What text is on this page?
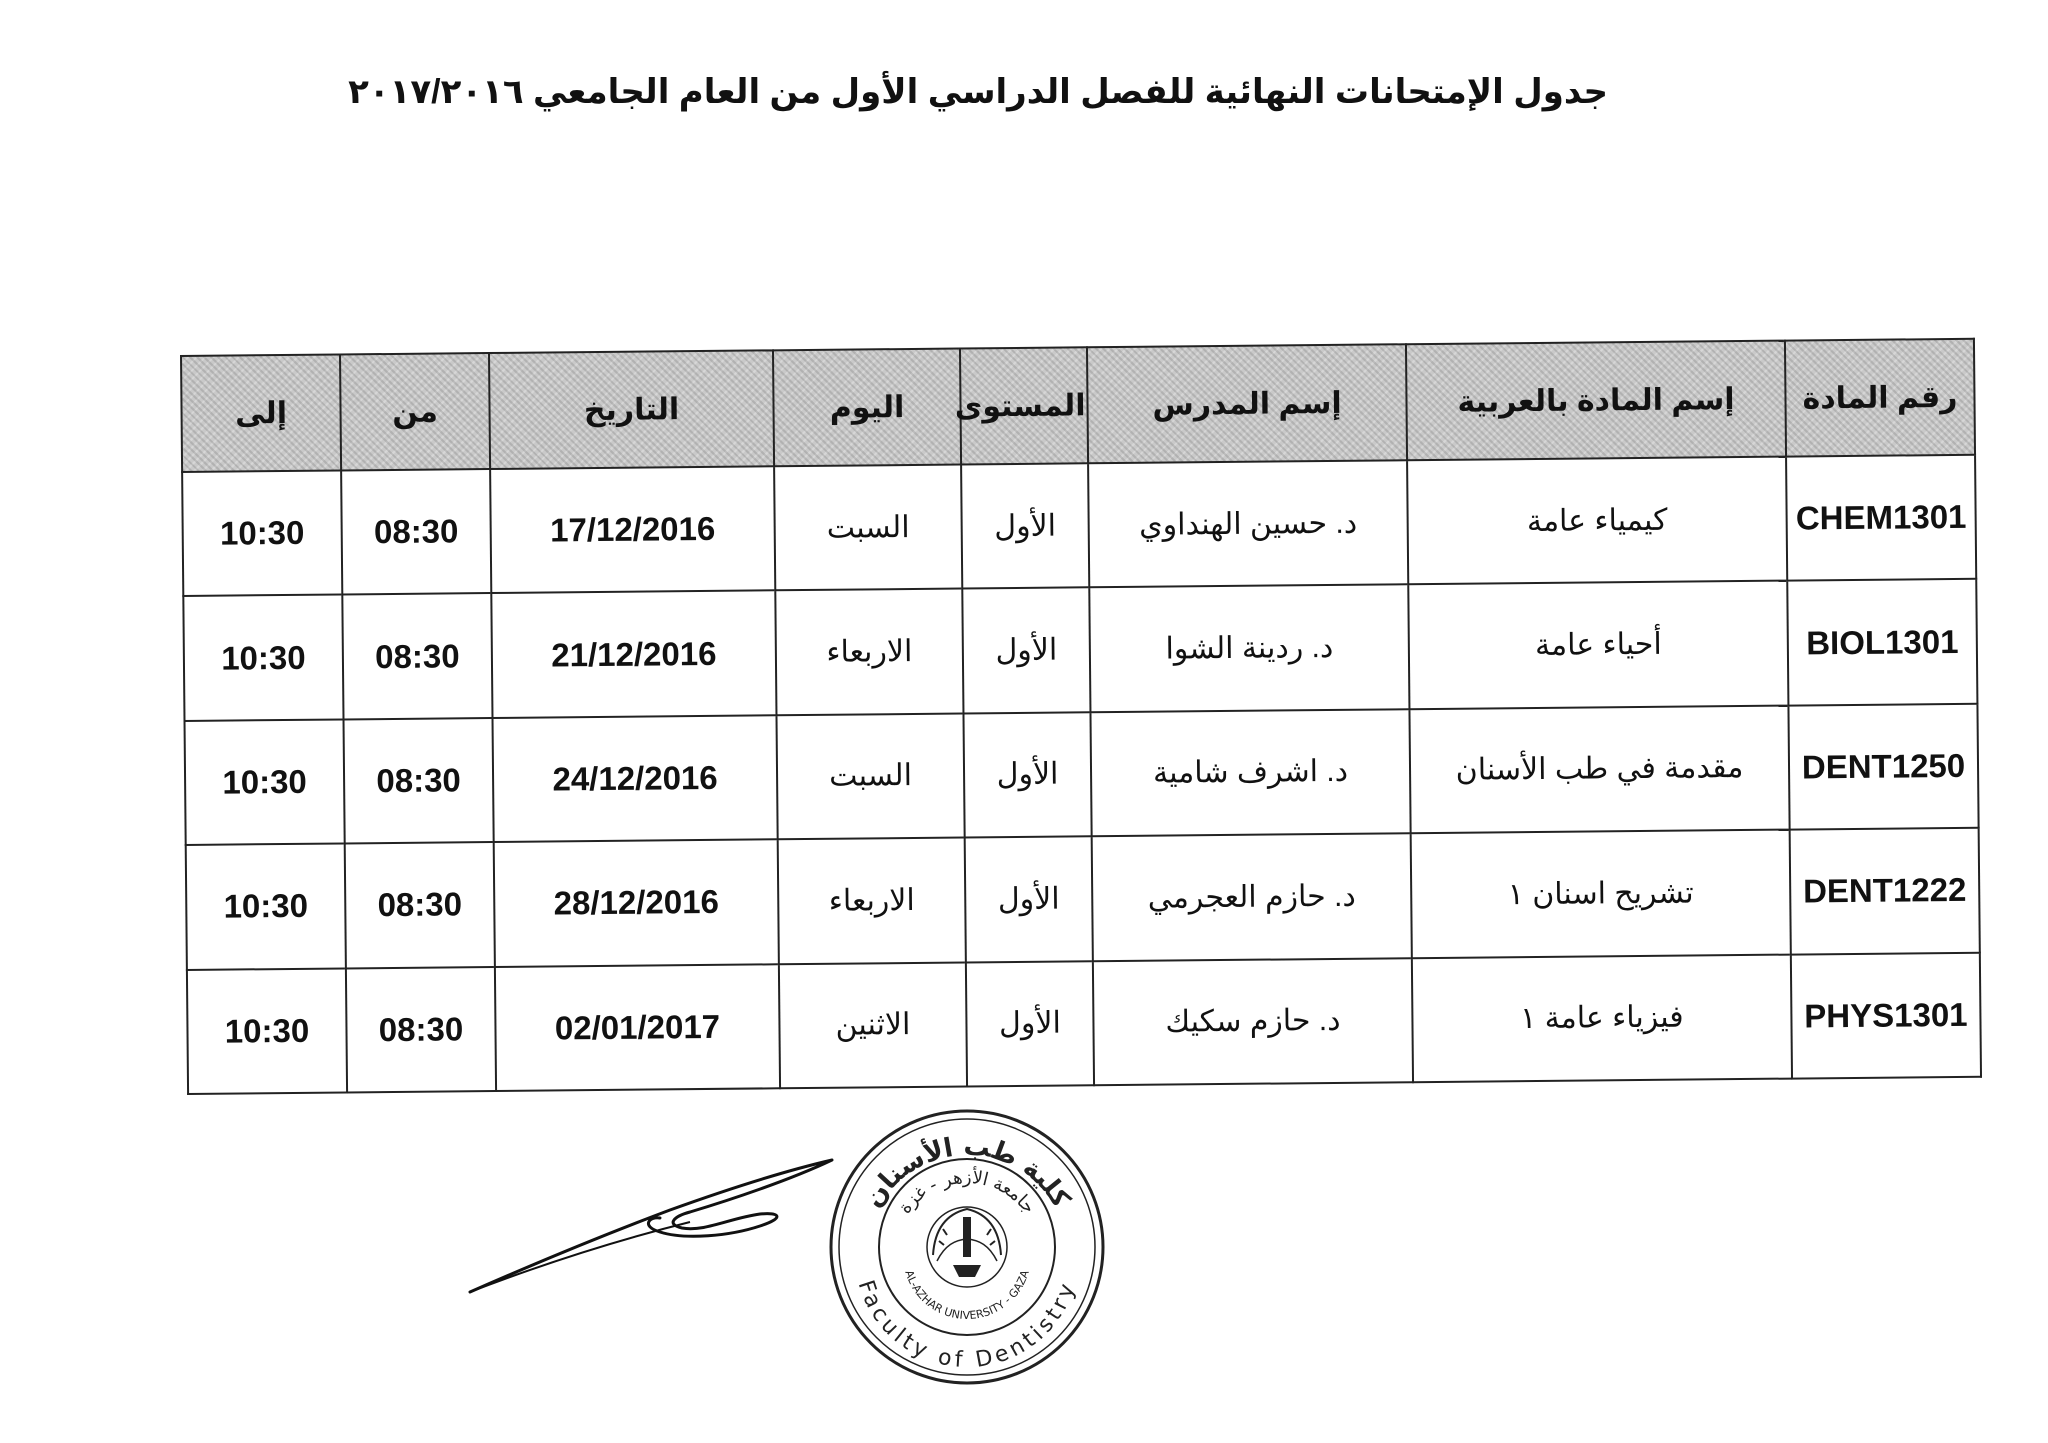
جدول الإمتحانات النهائية للفصل الدراسي الأول من العام الجامعي ٢٠١٧/٢٠١٦
رقم المادة	إسم المادة بالعربية	إسم المدرس	المستوى	اليوم	التاريخ	من	إلى
CHEM1301	كيمياء عامة	د. حسين الهنداوي	الأول	السبت	17/12/2016	08:30	10:30
BIOL1301	أحياء عامة	د. ردينة الشوا	الأول	الاربعاء	21/12/2016	08:30	10:30
DENT1250	مقدمة في طب الأسنان	د. اشرف شامية	الأول	السبت	24/12/2016	08:30	10:30
DENT1222	تشريح اسنان ١	د. حازم العجرمي	الأول	الاربعاء	28/12/2016	08:30	10:30
PHYS1301	فيزياء عامة ١	د. حازم سكيك	الأول	الاثنين	02/01/2017	08:30	10:30
كلية طب الأسنان
Faculty of Dentistry
جامعة الأزهر - غزة
AL-AZHAR UNIVERSITY - GAZA
